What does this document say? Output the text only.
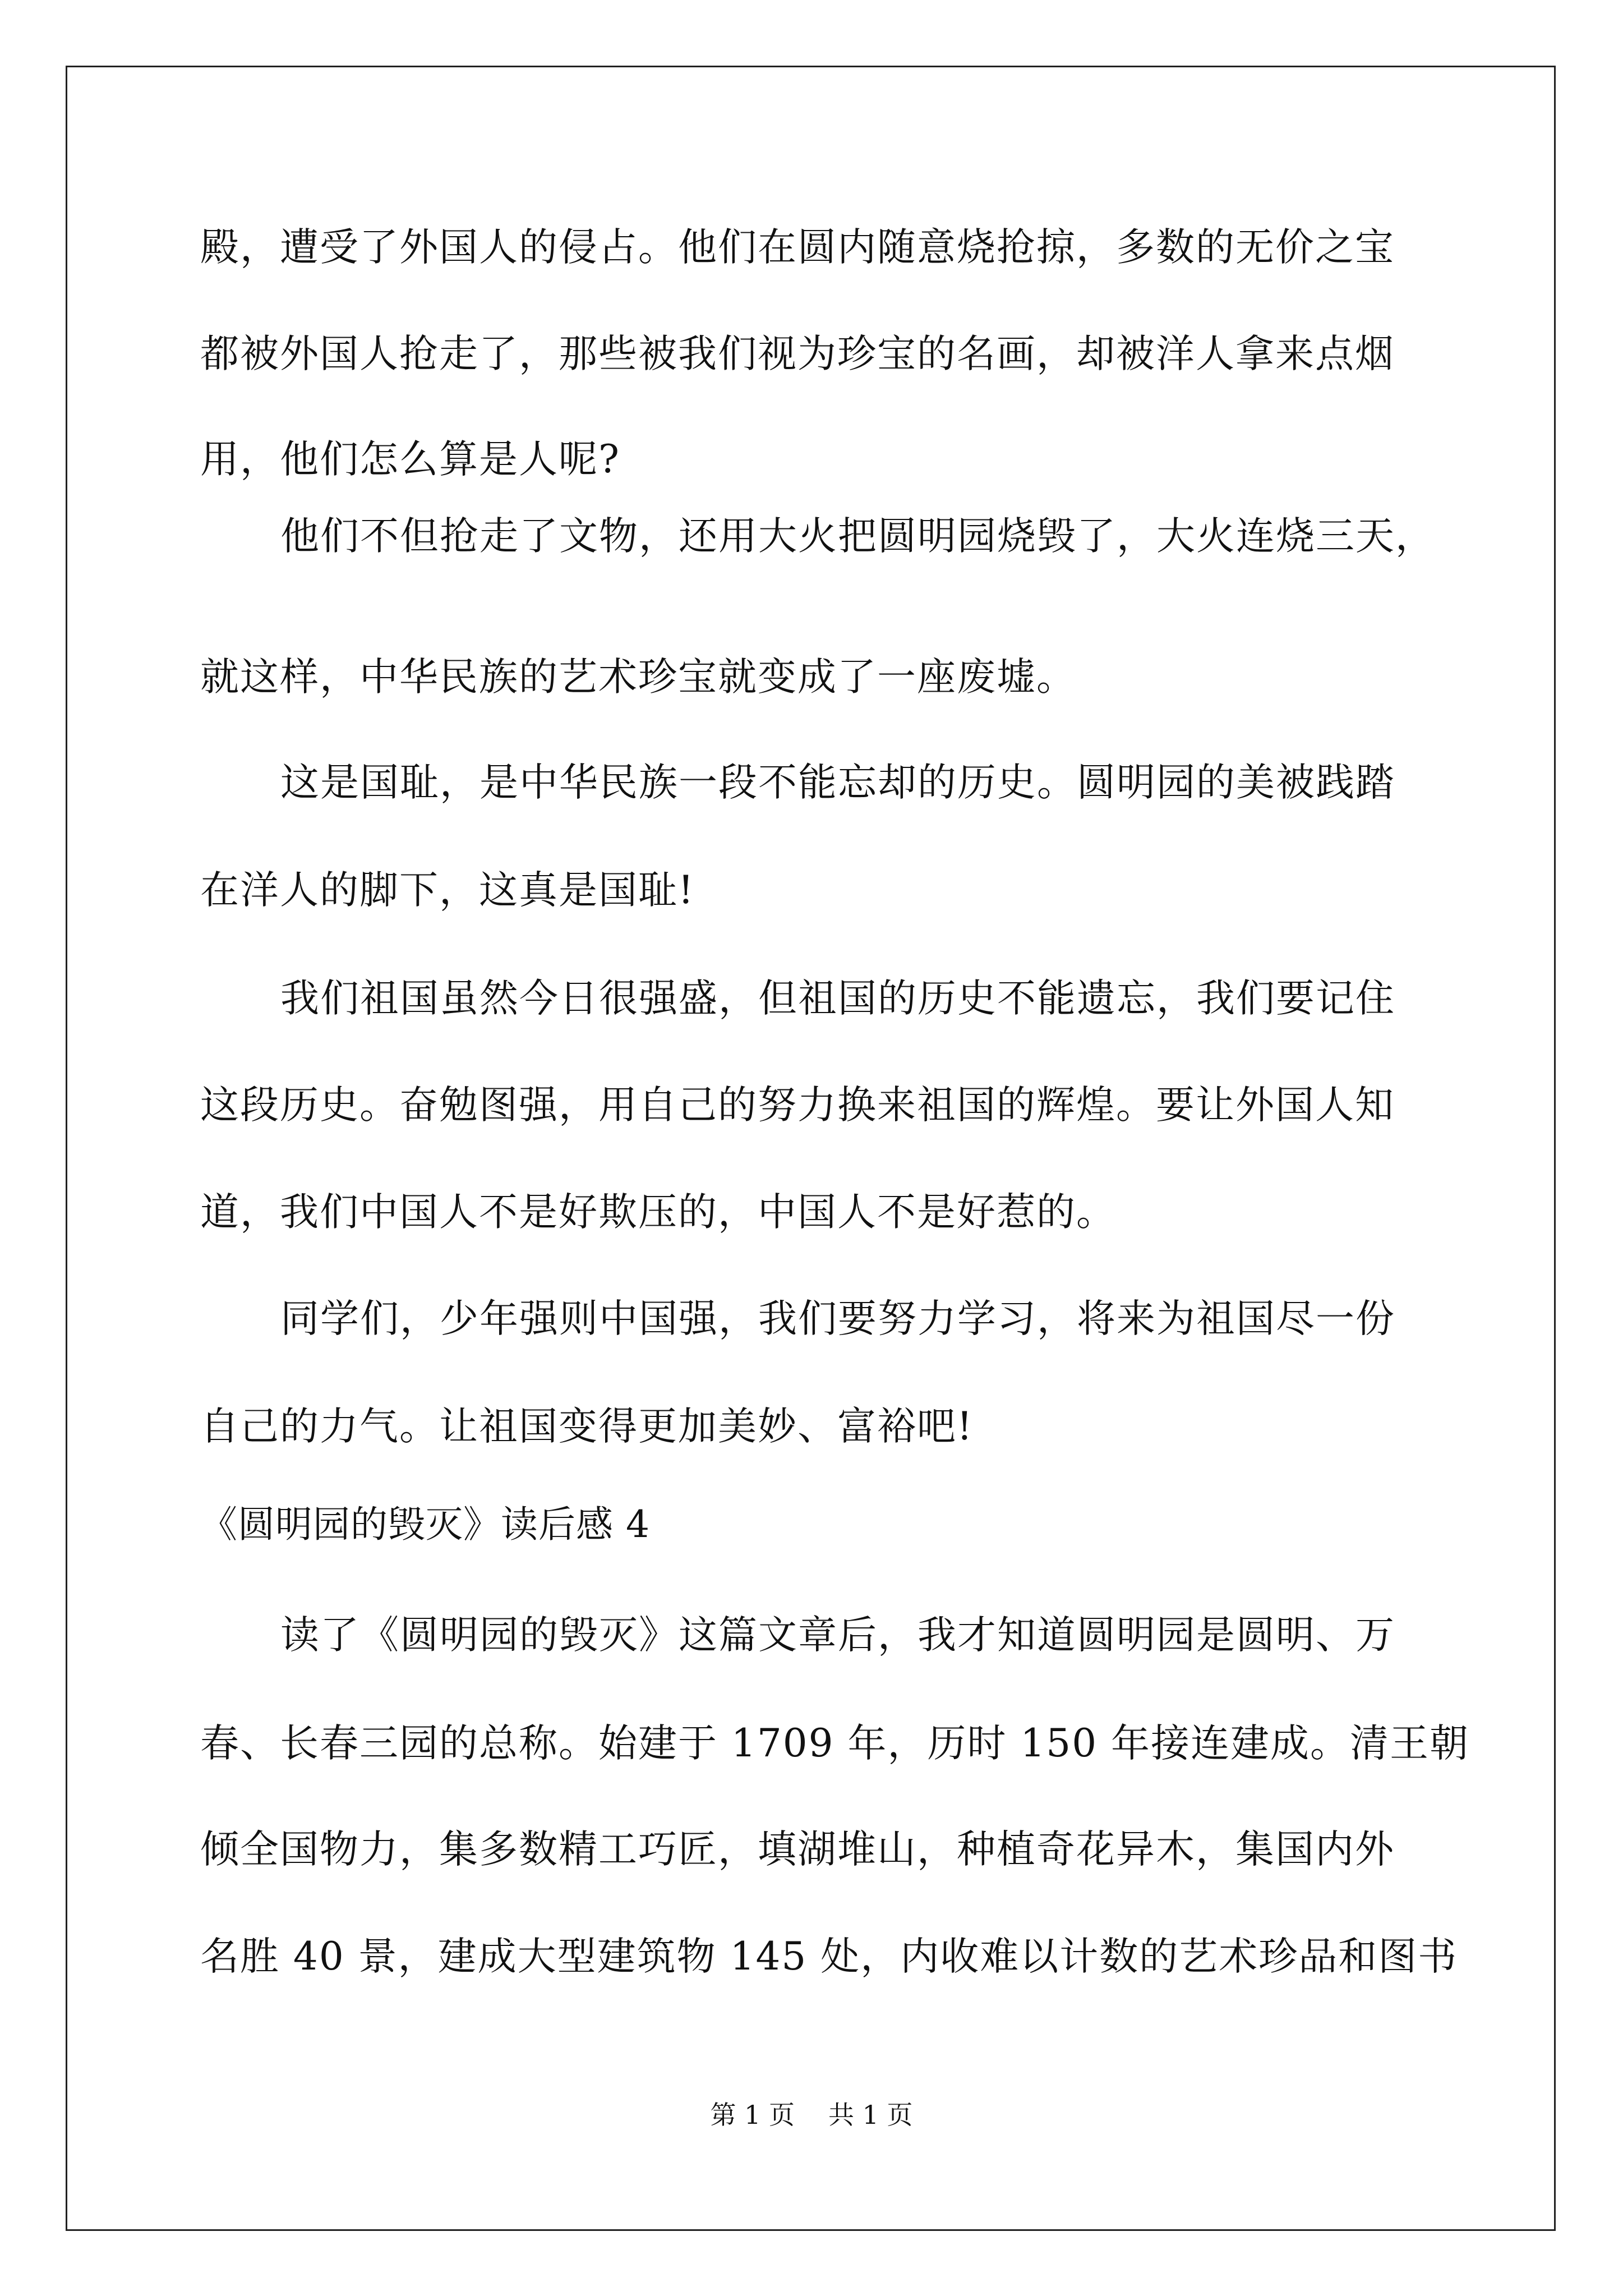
殿，遭受了外国人的侵占。他们在圆内随意烧抢掠，多数的无价之宝
都被外国人抢走了，那些被我们视为珍宝的名画，却被洋人拿来点烟
用，他们怎么算是人呢?
他们不但抢走了文物，还用大火把圆明园烧毁了，大火连烧三天，
就这样，中华民族的艺术珍宝就变成了一座废墟。
这是国耻，是中华民族一段不能忘却的历史。圆明园的美被践踏
在洋人的脚下，这真是国耻!
我们祖国虽然今日很强盛，但祖国的历史不能遗忘，我们要记住
这段历史。奋勉图强，用自己的努力换来祖国的辉煌。要让外国人知
道，我们中国人不是好欺压的，中国人不是好惹的。
同学们，少年强则中国强，我们要努力学习，将来为祖国尽一份
自己的力气。让祖国变得更加美妙、富裕吧!
《圆明园的毁灭》读后感 4
读了《圆明园的毁灭》这篇文章后，我才知道圆明园是圆明、万
春、长春三园的总称。始建于 1709 年，历时 150 年接连建成。清王朝
倾全国物力，集多数精工巧匠，填湖堆山，种植奇花异木，集国内外
名胜 40 景，建成大型建筑物 145 处，内收难以计数的艺术珍品和图书
第 1 页 共 1 页
